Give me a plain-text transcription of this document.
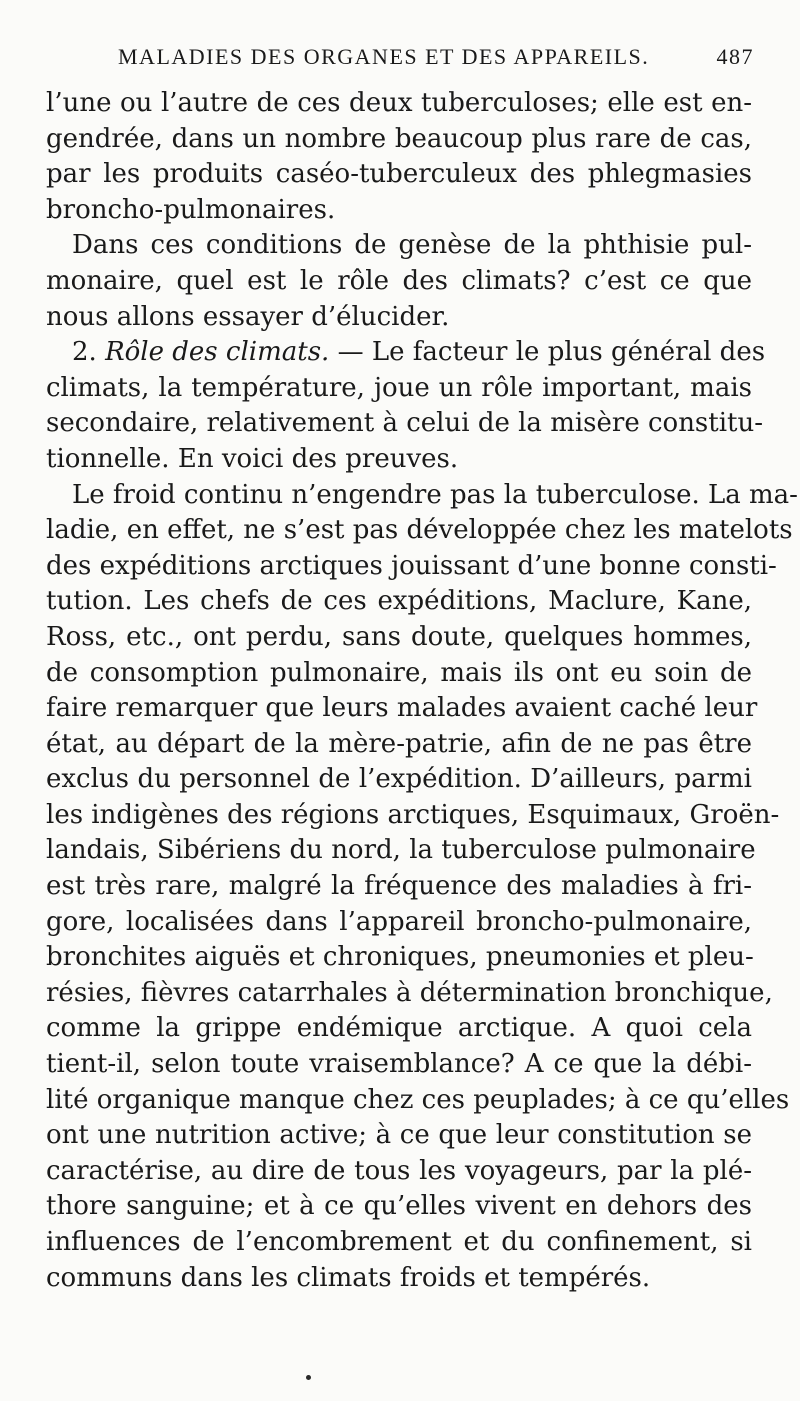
MALADIES DES ORGANES ET DES APPAREILS.	487
l’une ou l’autre de ces deux tuberculoses; elle est en-
gendrée, dans un nombre beaucoup plus rare de cas,
par les produits caséo-tuberculeux des phlegmasies
broncho-pulmonaires.
Dans ces conditions de genèse de la phthisie pul-
monaire, quel est le rôle des climats? c’est ce que
nous allons essayer d’élucider.
2. Rôle des climats. — Le facteur le plus général des
climats, la température, joue un rôle important, mais
secondaire, relativement à celui de la misère constitu-
tionnelle. En voici des preuves.
Le froid continu n’engendre pas la tuberculose. La ma-
ladie, en effet, ne s’est pas développée chez les matelots
des expéditions arctiques jouissant d’une bonne consti-
tution. Les chefs de ces expéditions, Maclure, Kane,
Ross, etc., ont perdu, sans doute, quelques hommes,
de consomption pulmonaire, mais ils ont eu soin de
faire remarquer que leurs malades avaient caché leur
état, au départ de la mère-patrie, afin de ne pas être
exclus du personnel de l’expédition. D’ailleurs, parmi
les indigènes des régions arctiques, Esquimaux, Groën-
landais, Sibériens du nord, la tuberculose pulmonaire
est très rare, malgré la fréquence des maladies à fri-
gore, localisées dans l’appareil broncho-pulmonaire,
bronchites aiguës et chroniques, pneumonies et pleu-
résies, fièvres catarrhales à détermination bronchique,
comme la grippe endémique arctique. A quoi cela
tient-il, selon toute vraisemblance? A ce que la débi-
lité organique manque chez ces peuplades; à ce qu’elles
ont une nutrition active; à ce que leur constitution se
caractérise, au dire de tous les voyageurs, par la plé-
thore sanguine; et à ce qu’elles vivent en dehors des
influences de l’encombrement et du confinement, si
communs dans les climats froids et tempérés.
